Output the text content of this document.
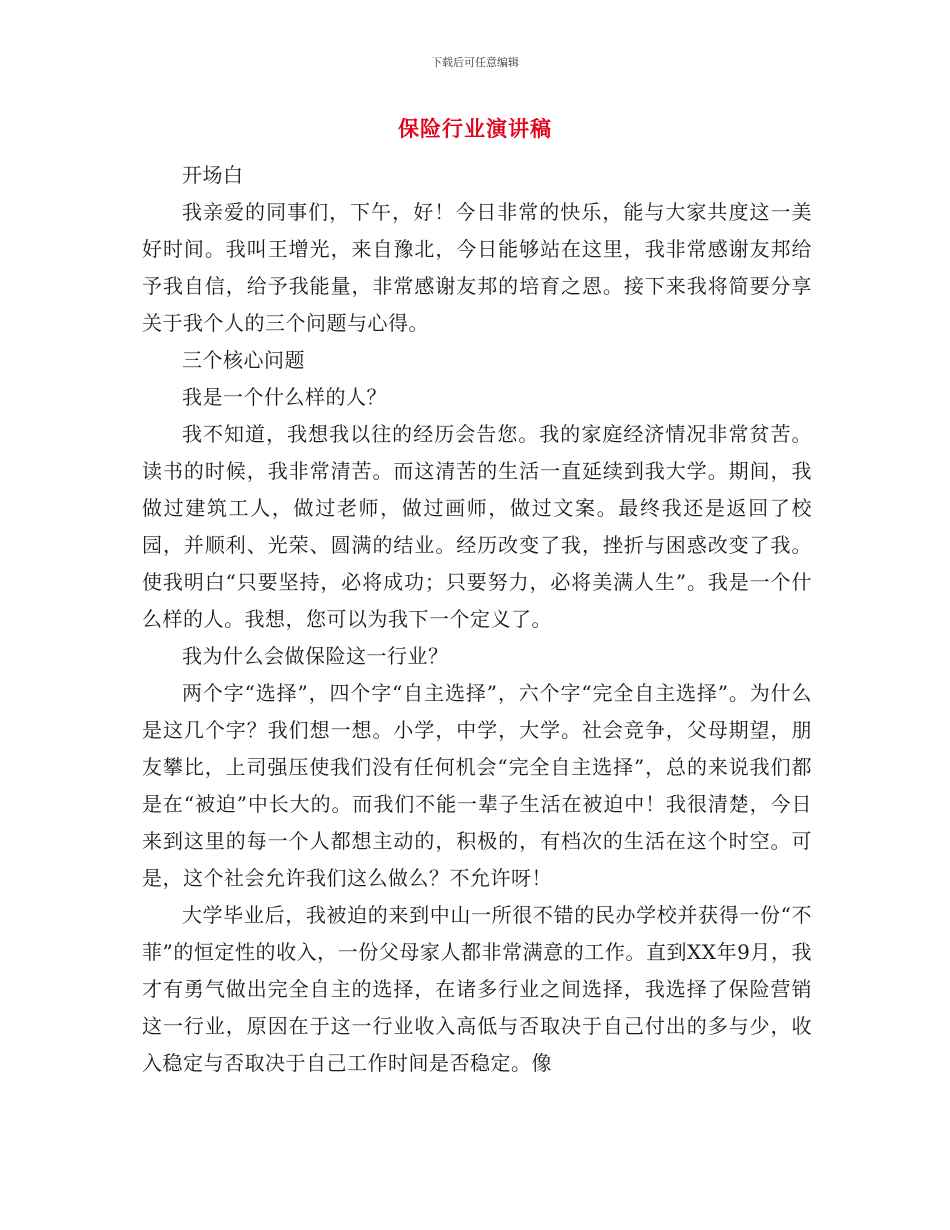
下载后可任意编辑
保险行业演讲稿

开场白

我亲爱的同事们，下午，好！今日非常的快乐，能与大家共度这一美好时间。我叫王增光，来自豫北，今日能够站在这里，我非常感谢友邦给予我自信，给予我能量，非常感谢友邦的培育之恩。接下来我将简要分享关于我个人的三个问题与心得。

三个核心问题

我是一个什么样的人？

我不知道，我想我以往的经历会告您。我的家庭经济情况非常贫苦。读书的时候，我非常清苦。而这清苦的生活一直延续到我大学。期间，我做过建筑工人，做过老师，做过画师，做过文案。最终我还是返回了校园，并顺利、光荣、圆满的结业。经历改变了我，挫折与困惑改变了我。使我明白“只要坚持，必将成功；只要努力，必将美满人生”。我是一个什么样的人。我想，您可以为我下一个定义了。

我为什么会做保险这一行业？

两个字“选择”，四个字“自主选择”，六个字“完全自主选择”。为什么是这几个字？我们想一想。小学，中学，大学。社会竞争，父母期望，朋友攀比，上司强压使我们没有任何机会“完全自主选择”，总的来说我们都是在“被迫”中长大的。而我们不能一辈子生活在被迫中！我很清楚，今日来到这里的每一个人都想主动的，积极的，有档次的生活在这个时空。可是，这个社会允许我们这么做么？不允许呀！

大学毕业后，我被迫的来到中山一所很不错的民办学校并获得一份“不菲”的恒定性的收入，一份父母家人都非常满意的工作。直到XX年9月，我才有勇气做出完全自主的选择，在诸多行业之间选择，我选择了保险营销这一行业，原因在于这一行业收入高低与否取决于自己付出的多与少，收入稳定与否取决于自己工作时间是否稳定。像
